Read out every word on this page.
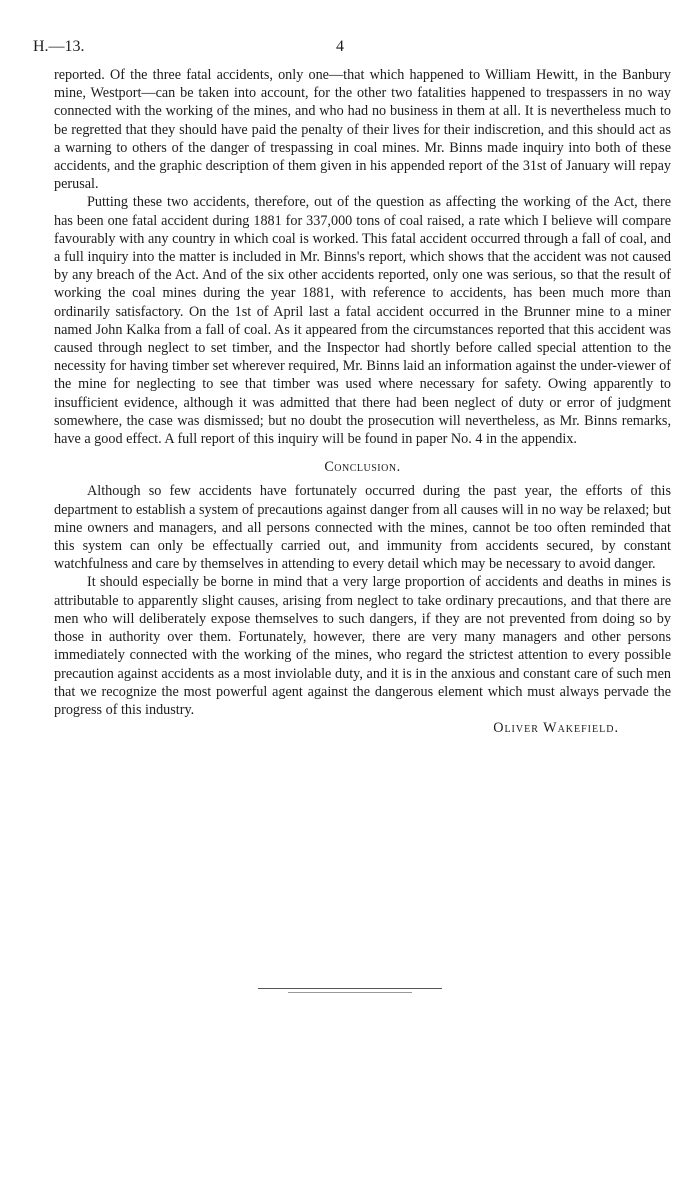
H.—13.	4

reported. Of the three fatal accidents, only one—that which happened to William Hewitt, in the Banbury mine, Westport—can be taken into account, for the other two fatalities happened to trespassers in no way connected with the working of the mines, and who had no business in them at all. It is nevertheless much to be regretted that they should have paid the penalty of their lives for their indiscretion, and this should act as a warning to others of the danger of trespassing in coal mines. Mr. Binns made inquiry into both of these accidents, and the graphic description of them given in his appended report of the 31st of January will repay perusal.

Putting these two accidents, therefore, out of the question as affecting the working of the Act, there has been one fatal accident during 1881 for 337,000 tons of coal raised, a rate which I believe will compare favourably with any country in which coal is worked. This fatal accident occurred through a fall of coal, and a full inquiry into the matter is included in Mr. Binns's report, which shows that the accident was not caused by any breach of the Act. And of the six other accidents reported, only one was serious, so that the result of working the coal mines during the year 1881, with reference to accidents, has been much more than ordinarily satisfactory. On the 1st of April last a fatal accident occurred in the Brunner mine to a miner named John Kalka from a fall of coal. As it appeared from the circumstances reported that this accident was caused through neglect to set timber, and the Inspector had shortly before called special attention to the necessity for having timber set wherever required, Mr. Binns laid an information against the under-viewer of the mine for neglecting to see that timber was used where necessary for safety. Owing apparently to insufficient evidence, although it was admitted that there had been neglect of duty or error of judgment somewhere, the case was dismissed; but no doubt the prosecution will nevertheless, as Mr. Binns remarks, have a good effect. A full report of this inquiry will be found in paper No. 4 in the appendix.

Conclusion.

Although so few accidents have fortunately occurred during the past year, the efforts of this department to establish a system of precautions against danger from all causes will in no way be relaxed; but mine owners and managers, and all persons connected with the mines, cannot be too often reminded that this system can only be effectually carried out, and immunity from accidents secured, by constant watchfulness and care by themselves in attending to every detail which may be necessary to avoid danger.

It should especially be borne in mind that a very large proportion of accidents and deaths in mines is attributable to apparently slight causes, arising from neglect to take ordinary precautions, and that there are men who will deliberately expose themselves to such dangers, if they are not prevented from doing so by those in authority over them. Fortunately, however, there are very many managers and other persons immediately connected with the working of the mines, who regard the strictest attention to every possible precaution against accidents as a most inviolable duty, and it is in the anxious and constant care of such men that we recognize the most powerful agent against the dangerous element which must always pervade the progress of this industry.

Oliver Wakefield.
